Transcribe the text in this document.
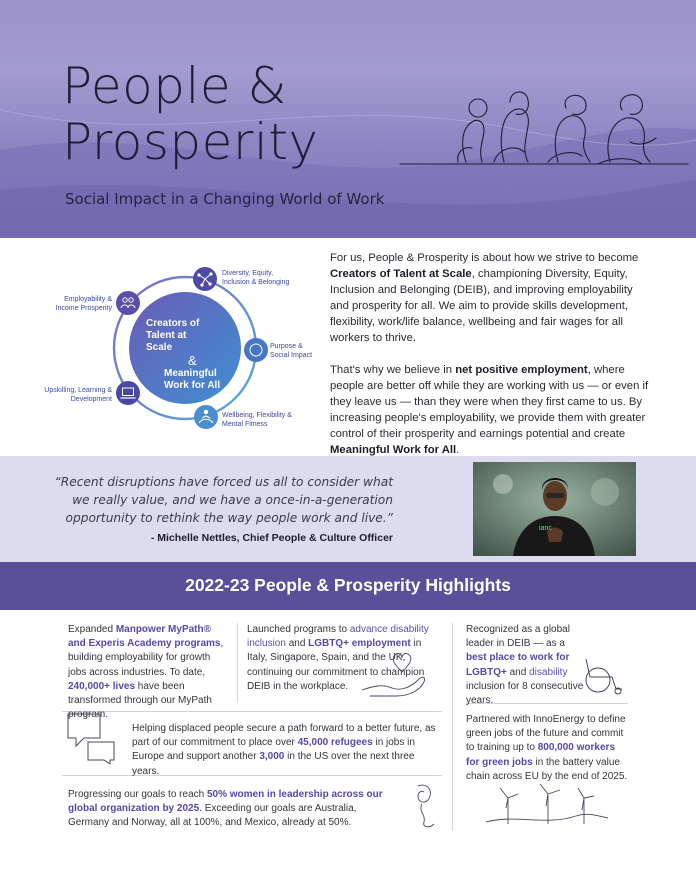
People &
Prosperity
Social Impact in a Changing World of Work
Creators of Talent at Scale
&
Meaningful Work for All
Diversity, Equity, Inclusion & Belonging
Purpose & Social Impact
Wellbeing, Flexibility & Mental Fitness
Upskilling, Learning & Development
Employability & Income Prosperity

For us, People & Prosperity is about how we strive to become Creators of Talent at Scale, championing Diversity, Equity, Inclusion and Belonging (DEIB), and improving employability and prosperity for all. We aim to provide skills development, flexibility, work/life balance, wellbeing and fair wages for all workers to thrive.

That's why we believe in net positive employment, where people are better off while they are working with us — or even if they leave us — than they were when they first came to us. By increasing people's employability, we provide them with greater control of their prosperity and earnings potential and create Meaningful Work for All.

“Recent disruptions have forced us all to consider what we really value, and we have a once-in-a-generation opportunity to rethink the way people work and live.”
- Michelle Nettles, Chief People & Culture Officer
ianc
2022-23 People & Prosperity Highlights
Expanded Manpower MyPath® and Experis Academy programs, building employability for growth jobs across industries. To date, 240,000+ lives have been transformed through our MyPath program.
Launched programs to advance disability inclusion and LGBTQ+ employment in Italy, Singapore, Spain, and the UK, continuing our commitment to champion DEIB in the workplace.
Recognized as a global leader in DEIB — as a best place to work for LGBTQ+ and disability inclusion for 8 consecutive years.
Helping displaced people secure a path forward to a better future, as part of our commitment to place over 45,000 refugees in jobs in Europe and support another 3,000 in the US over the next three years.
Partnered with InnoEnergy to define green jobs of the future and commit to training up to 800,000 workers for green jobs in the battery value chain across EU by the end of 2025.
Progressing our goals to reach 50% women in leadership across our global organization by 2025. Exceeding our goals are Australia, Germany and Norway, all at 100%, and Mexico, already at 50%.
